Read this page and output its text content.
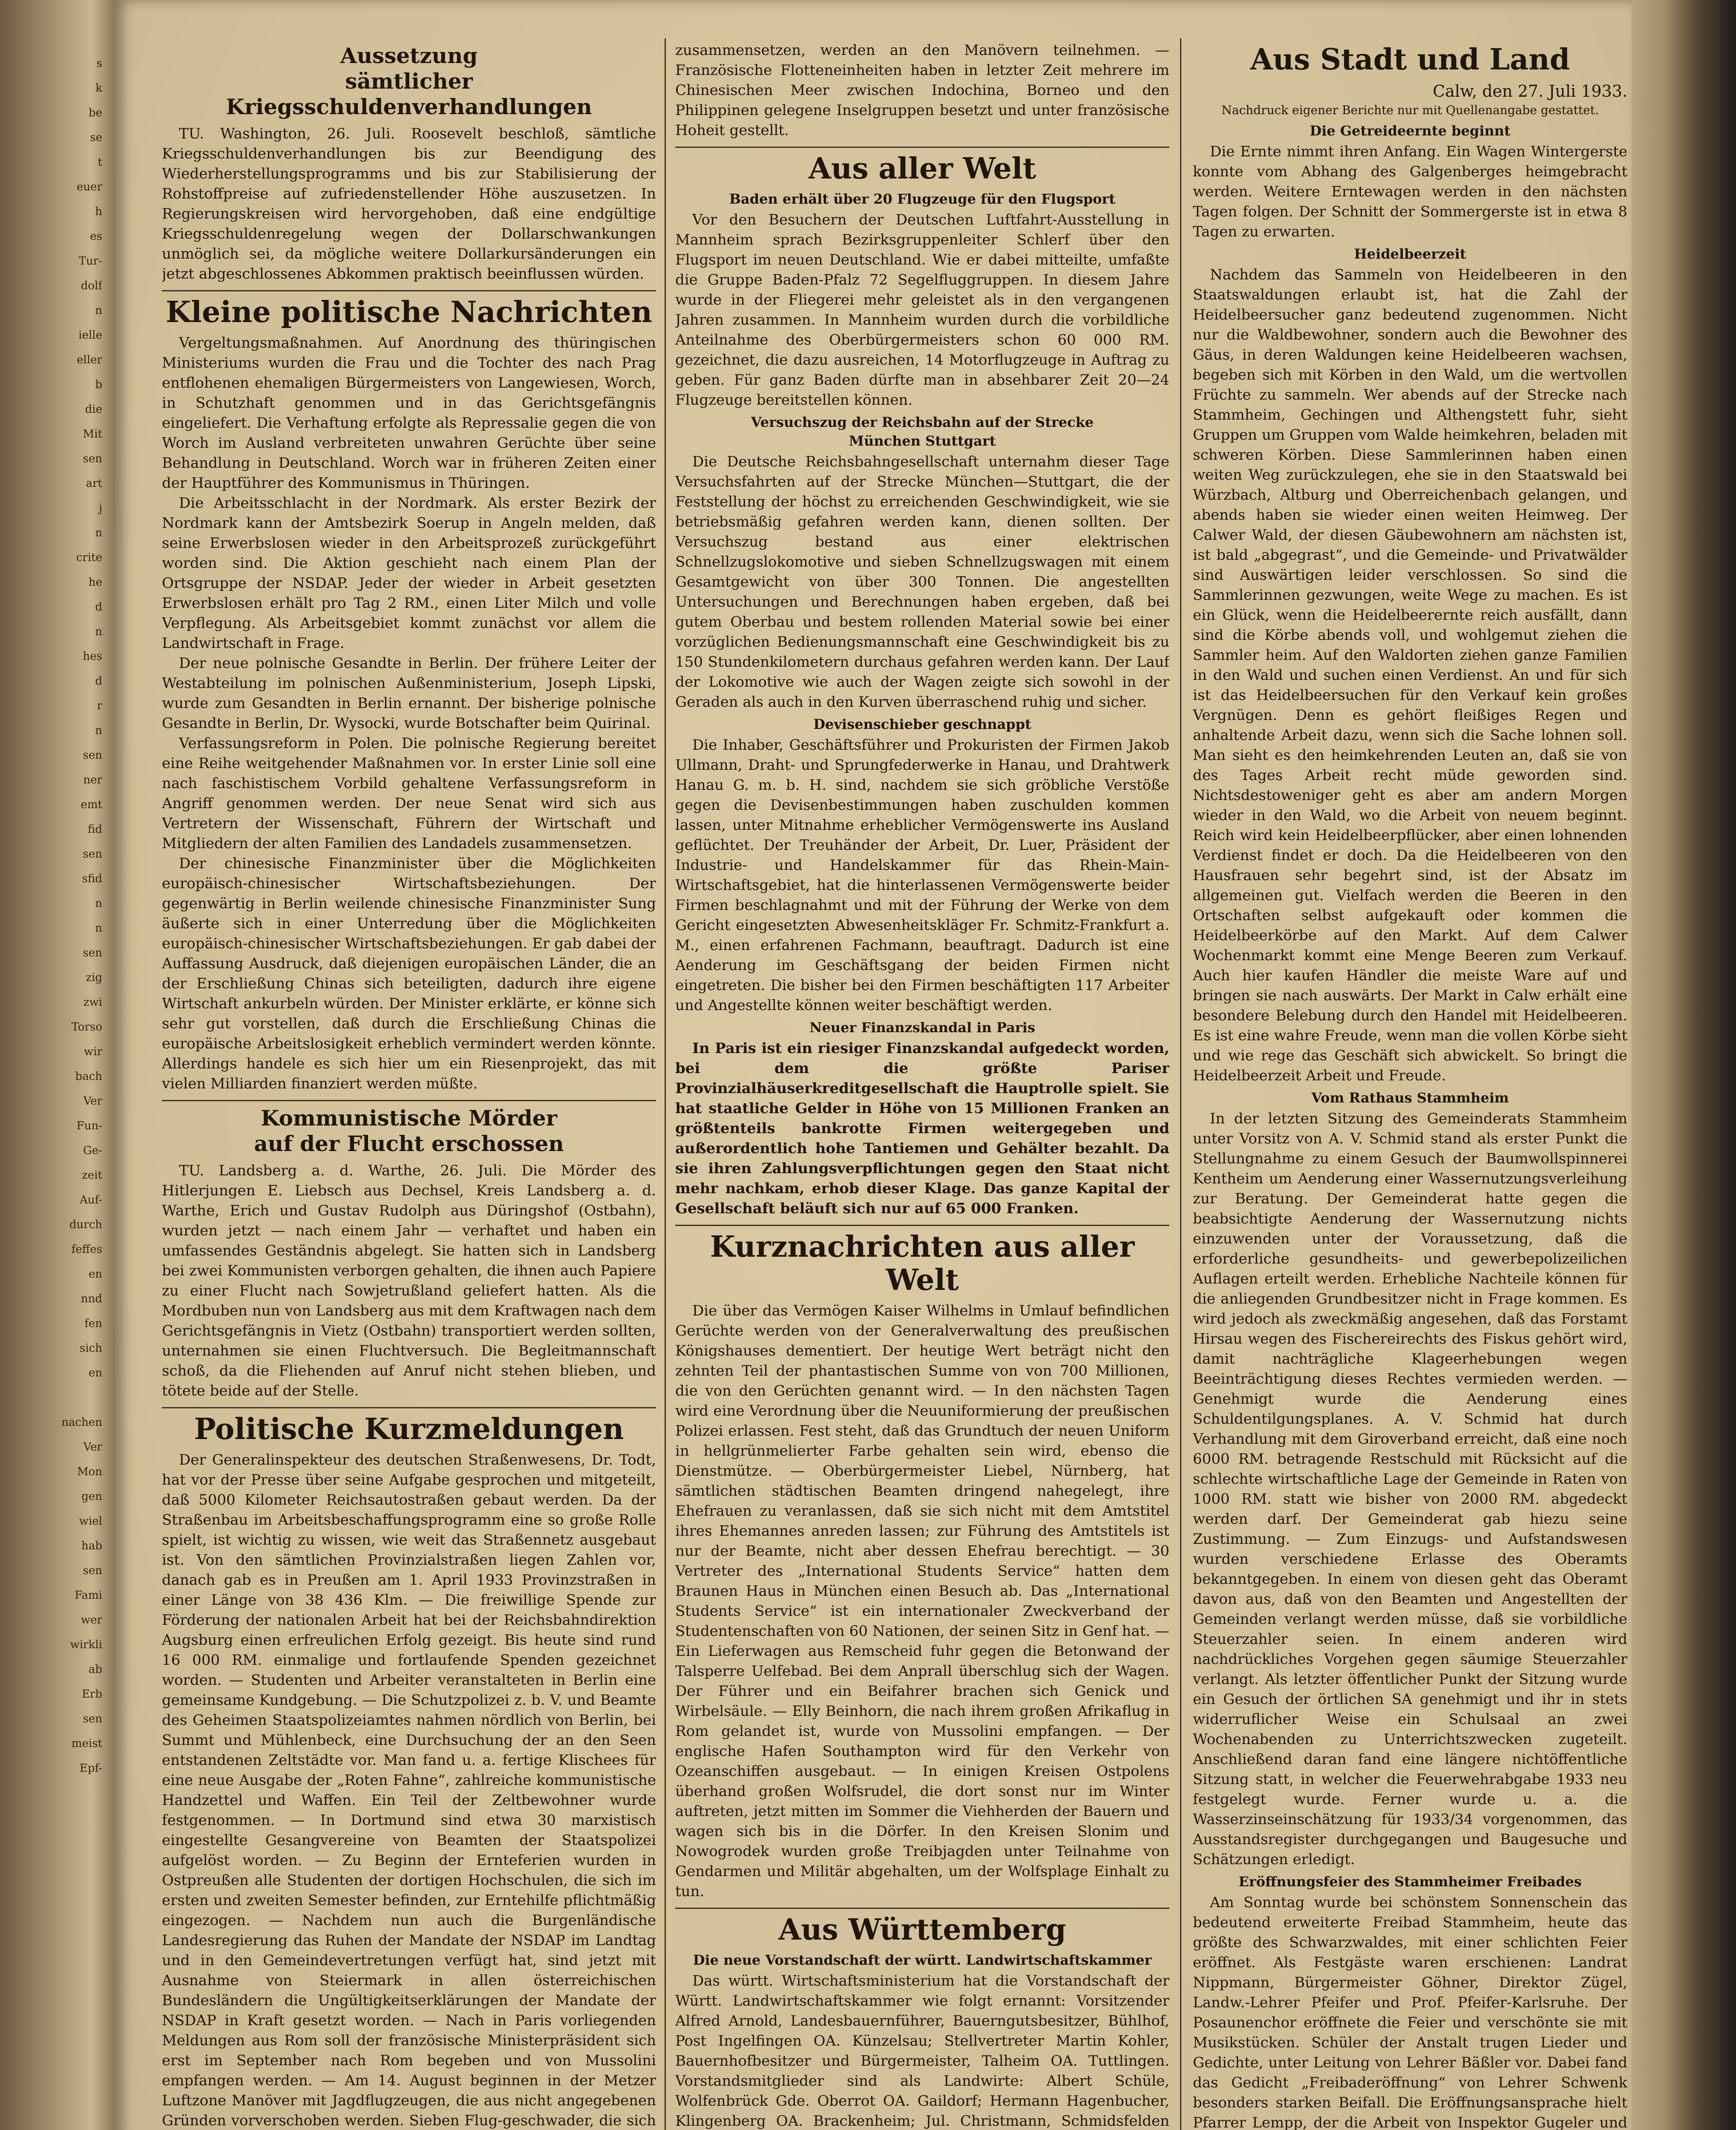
s
k
be
se
t
euer
h
es
Tur-
dolf
n
ielle
eller
b
die
Mit
sen
art
j
n
crite
he
d
n
hes
d
r
n
sen
ner
emt
fid
sen
sfid
n
n
sen
zig
zwi
Torso
wir
bach
Ver
Fun-
Ge-
zeit
Auf-
durch
feffes
en
nnd
fen
sich
en

nachen
Ver
Mon
gen
wiel
hab
sen
Fami
wer
wirkli
ab
Erb
sen
meist
Epf-
Aussetzung
sämtlicher Kriegsschuldenverhandlungen

TU. Washington, 26. Juli. Roosevelt beschloß, sämtliche Kriegsschuldenverhandlungen bis zur Beendigung des Wiederherstellungsprogramms und bis zur Stabilisierung der Rohstoffpreise auf zufriedenstellender Höhe auszusetzen. In Regierungskreisen wird hervorgehoben, daß eine endgültige Kriegsschuldenregelung wegen der Dollarschwankungen unmöglich sei, da mögliche weitere Dollarkursänderungen ein jetzt abgeschlossenes Abkommen praktisch beeinflussen würden.

Kleine politische Nachrichten

Vergeltungsmaßnahmen. Auf Anordnung des thüringischen Ministeriums wurden die Frau und die Tochter des nach Prag entflohenen ehemaligen Bürgermeisters von Langewiesen, Worch, in Schutzhaft genommen und in das Gerichtsgefängnis eingeliefert. Die Verhaftung erfolgte als Repressalie gegen die von Worch im Ausland verbreiteten unwahren Gerüchte über seine Behandlung in Deutschland. Worch war in früheren Zeiten einer der Hauptführer des Kommunismus in Thüringen.

Die Arbeitsschlacht in der Nordmark. Als erster Bezirk der Nordmark kann der Amtsbezirk Soerup in Angeln melden, daß seine Erwerbslosen wieder in den Arbeitsprozeß zurückgeführt worden sind. Die Aktion geschieht nach einem Plan der Ortsgruppe der NSDAP. Jeder der wieder in Arbeit gesetzten Erwerbslosen erhält pro Tag 2 RM., einen Liter Milch und volle Verpflegung. Als Arbeitsgebiet kommt zunächst vor allem die Landwirtschaft in Frage.

Der neue polnische Gesandte in Berlin. Der frühere Leiter der Westabteilung im polnischen Außenministerium, Joseph Lipski, wurde zum Gesandten in Berlin ernannt. Der bisherige polnische Gesandte in Berlin, Dr. Wysocki, wurde Botschafter beim Quirinal.

Verfassungsreform in Polen. Die polnische Regierung bereitet eine Reihe weitgehender Maßnahmen vor. In erster Linie soll eine nach faschistischem Vorbild gehaltene Verfassungsreform in Angriff genommen werden. Der neue Senat wird sich aus Vertretern der Wissenschaft, Führern der Wirtschaft und Mitgliedern der alten Familien des Landadels zusammensetzen.

Der chinesische Finanzminister über die Möglichkeiten europäisch-chinesischer Wirtschaftsbeziehungen. Der gegenwärtig in Berlin weilende chinesische Finanzminister Sung äußerte sich in einer Unterredung über die Möglichkeiten europäisch-chinesischer Wirtschaftsbeziehungen. Er gab dabei der Auffassung Ausdruck, daß diejenigen europäischen Länder, die an der Erschließung Chinas sich beteiligten, dadurch ihre eigene Wirtschaft ankurbeln würden. Der Minister erklärte, er könne sich sehr gut vorstellen, daß durch die Erschließung Chinas die europäische Arbeitslosigkeit erheblich vermindert werden könnte. Allerdings handele es sich hier um ein Riesenprojekt, das mit vielen Milliarden finanziert werden müßte.

Kommunistische Mörder
auf der Flucht erschossen

TU. Landsberg a. d. Warthe, 26. Juli. Die Mörder des Hitlerjungen E. Liebsch aus Dechsel, Kreis Landsberg a. d. Warthe, Erich und Gustav Rudolph aus Düringshof (Ostbahn), wurden jetzt — nach einem Jahr — verhaftet und haben ein umfassendes Geständnis abgelegt. Sie hatten sich in Landsberg bei zwei Kommunisten verborgen gehalten, die ihnen auch Papiere zu einer Flucht nach Sowjetrußland geliefert hatten. Als die Mordbuben nun von Landsberg aus mit dem Kraftwagen nach dem Gerichtsgefängnis in Vietz (Ostbahn) transportiert werden sollten, unternahmen sie einen Fluchtversuch. Die Begleitmannschaft schoß, da die Fliehenden auf Anruf nicht stehen blieben, und tötete beide auf der Stelle.

Politische Kurzmeldungen

Der Generalinspekteur des deutschen Straßenwesens, Dr. Todt, hat vor der Presse über seine Aufgabe gesprochen und mitgeteilt, daß 5000 Kilometer Reichsautostraßen gebaut werden. Da der Straßenbau im Arbeitsbeschaffungsprogramm eine so große Rolle spielt, ist wichtig zu wissen, wie weit das Straßennetz ausgebaut ist. Von den sämtlichen Provinzialstraßen liegen Zahlen vor, danach gab es in Preußen am 1. April 1933 Provinzstraßen in einer Länge von 38 436 Klm. — Die freiwillige Spende zur Förderung der nationalen Arbeit hat bei der Reichsbahndirektion Augsburg einen erfreulichen Erfolg gezeigt. Bis heute sind rund 16 000 RM. einmalige und fortlaufende Spenden gezeichnet worden. — Studenten und Arbeiter veranstalteten in Berlin eine gemeinsame Kundgebung. — Die Schutzpolizei z. b. V. und Beamte des Geheimen Staatspolizeiamtes nahmen nördlich von Berlin, bei Summt und Mühlenbeck, eine Durchsuchung der an den Seen entstandenen Zeltstädte vor. Man fand u. a. fertige Klischees für eine neue Ausgabe der „Roten Fahne“, zahlreiche kommunistische Handzettel und Waffen. Ein Teil der Zeltbewohner wurde festgenommen. — In Dortmund sind etwa 30 marxistisch eingestellte Gesangvereine von Beamten der Staatspolizei aufgelöst worden. — Zu Beginn der Ernteferien wurden in Ostpreußen alle Studenten der dortigen Hochschulen, die sich im ersten und zweiten Semester befinden, zur Erntehilfe pflichtmäßig eingezogen. — Nachdem nun auch die Burgenländische Landesregierung das Ruhen der Mandate der NSDAP im Landtag und in den Gemeindevertretungen verfügt hat, sind jetzt mit Ausnahme von Steiermark in allen österreichischen Bundesländern die Ungültigkeitserklärungen der Mandate der NSDAP in Kraft gesetzt worden. — Nach in Paris vorliegenden Meldungen aus Rom soll der französische Ministerpräsident sich erst im September nach Rom begeben und von Mussolini empfangen werden. — Am 14. August beginnen in der Metzer Luftzone Manöver mit Jagdflugzeugen, die aus nicht angegebenen Gründen vorverschoben werden. Sieben Flug-geschwader, die sich

zusammensetzen, werden an den Manövern teilnehmen. — Französische Flotteneinheiten haben in letzter Zeit mehrere im Chinesischen Meer zwischen Indochina, Borneo und den Philippinen gelegene Inselgruppen besetzt und unter französische Hoheit gestellt.

Aus aller Welt
Baden erhält über 20 Flugzeuge für den Flugsport

Vor den Besuchern der Deutschen Luftfahrt-Ausstellung in Mannheim sprach Bezirksgruppenleiter Schlerf über den Flugsport im neuen Deutschland. Wie er dabei mitteilte, umfaßte die Gruppe Baden-Pfalz 72 Segelfluggruppen. In diesem Jahre wurde in der Fliegerei mehr geleistet als in den vergangenen Jahren zusammen. In Mannheim wurden durch die vorbildliche Anteilnahme des Oberbürgermeisters schon 60 000 RM. gezeichnet, die dazu ausreichen, 14 Motorflugzeuge in Auftrag zu geben. Für ganz Baden dürfte man in absehbarer Zeit 20—24 Flugzeuge bereitstellen können.

Versuchszug der Reichsbahn auf der Strecke
München Stuttgart

Die Deutsche Reichsbahngesellschaft unternahm dieser Tage Versuchsfahrten auf der Strecke München—Stuttgart, die der Feststellung der höchst zu erreichenden Geschwindigkeit, wie sie betriebsmäßig gefahren werden kann, dienen sollten. Der Versuchszug bestand aus einer elektrischen Schnellzugslokomotive und sieben Schnellzugswagen mit einem Gesamtgewicht von über 300 Tonnen. Die angestellten Untersuchungen und Berechnungen haben ergeben, daß bei gutem Oberbau und bestem rollenden Material sowie bei einer vorzüglichen Bedienungsmannschaft eine Geschwindigkeit bis zu 150 Stundenkilometern durchaus gefahren werden kann. Der Lauf der Lokomotive wie auch der Wagen zeigte sich sowohl in der Geraden als auch in den Kurven überraschend ruhig und sicher.

Devisenschieber geschnappt

Die Inhaber, Geschäftsführer und Prokuristen der Firmen Jakob Ullmann, Draht- und Sprungfederwerke in Hanau, und Drahtwerk Hanau G. m. b. H. sind, nachdem sie sich gröbliche Verstöße gegen die Devisenbestimmungen haben zuschulden kommen lassen, unter Mitnahme erheblicher Vermögenswerte ins Ausland geflüchtet. Der Treuhänder der Arbeit, Dr. Luer, Präsident der Industrie- und Handelskammer für das Rhein-Main-Wirtschaftsgebiet, hat die hinterlassenen Vermögenswerte beider Firmen beschlagnahmt und mit der Führung der Werke von dem Gericht eingesetzten Abwesenheitskläger Fr. Schmitz-Frankfurt a. M., einen erfahrenen Fachmann, beauftragt. Dadurch ist eine Aenderung im Geschäftsgang der beiden Firmen nicht eingetreten. Die bisher bei den Firmen beschäftigten 117 Arbeiter und Angestellte können weiter beschäftigt werden.

Neuer Finanzskandal in Paris

In Paris ist ein riesiger Finanzskandal aufgedeckt worden, bei dem die größte Pariser Provinzialhäuserkreditgesellschaft die Hauptrolle spielt. Sie hat staatliche Gelder in Höhe von 15 Millionen Franken an größtenteils bankrotte Firmen weitergegeben und außerordentlich hohe Tantiemen und Gehälter bezahlt. Da sie ihren Zahlungsverpflichtungen gegen den Staat nicht mehr nachkam, erhob dieser Klage. Das ganze Kapital der Gesellschaft beläuft sich nur auf 65 000 Franken.

Kurznachrichten aus aller Welt

Die über das Vermögen Kaiser Wilhelms in Umlauf befindlichen Gerüchte werden von der Generalverwaltung des preußischen Königshauses dementiert. Der heutige Wert beträgt nicht den zehnten Teil der phantastischen Summe von von 700 Millionen, die von den Gerüchten genannt wird. — In den nächsten Tagen wird eine Verordnung über die Neuuniformierung der preußischen Polizei erlassen. Fest steht, daß das Grundtuch der neuen Uniform in hellgrünmelierter Farbe gehalten sein wird, ebenso die Dienstmütze. — Oberbürgermeister Liebel, Nürnberg, hat sämtlichen städtischen Beamten dringend nahegelegt, ihre Ehefrauen zu veranlassen, daß sie sich nicht mit dem Amtstitel ihres Ehemannes anreden lassen; zur Führung des Amtstitels ist nur der Beamte, nicht aber dessen Ehefrau berechtigt. — 30 Vertreter des „International Students Service“ hatten dem Braunen Haus in München einen Besuch ab. Das „International Students Service“ ist ein internationaler Zweckverband der Studentenschaften von 60 Nationen, der seinen Sitz in Genf hat. — Ein Lieferwagen aus Remscheid fuhr gegen die Betonwand der Talsperre Uelfebad. Bei dem Anprall überschlug sich der Wagen. Der Führer und ein Beifahrer brachen sich Genick und Wirbelsäule. — Elly Beinhorn, die nach ihrem großen Afrikaflug in Rom gelandet ist, wurde von Mussolini empfangen. — Der englische Hafen Southampton wird für den Verkehr von Ozeanschiffen ausgebaut. — In einigen Kreisen Ostpolens überhand großen Wolfsrudel, die dort sonst nur im Winter auftreten, jetzt mitten im Sommer die Viehherden der Bauern und wagen sich bis in die Dörfer. In den Kreisen Slonim und Nowogrodek wurden große Treibjagden unter Teilnahme von Gendarmen und Militär abgehalten, um der Wolfsplage Einhalt zu tun.

Aus Württemberg
Die neue Vorstandschaft der württ. Landwirtschaftskammer

Das württ. Wirtschaftsministerium hat die Vorstandschaft der Württ. Landwirtschaftskammer wie folgt ernannt: Vorsitzender Alfred Arnold, Landesbauernführer, Bauerngutsbesitzer, Bühlhof, Post Ingelfingen OA. Künzelsau; Stellvertreter Martin Kohler, Bauernhofbesitzer und Bürgermeister, Talheim OA. Tuttlingen. Vorstandsmitglieder sind als Landwirte: Albert Schüle, Wolfenbrück Gde. Oberrot OA. Gaildorf; Hermann Hagenbucher, Klingenberg OA. Brackenheim; Jul. Christmann, Schmidsfelden

Aus Stadt und Land
Calw, den 27. Juli 1933.
Nachdruck eigener Berichte nur mit Quellenangabe gestattet.
Die Getreideernte beginnt

Die Ernte nimmt ihren Anfang. Ein Wagen Wintergerste konnte vom Abhang des Galgenberges heimgebracht werden. Weitere Erntewagen werden in den nächsten Tagen folgen. Der Schnitt der Sommergerste ist in etwa 8 Tagen zu erwarten.

Heidelbeerzeit

Nachdem das Sammeln von Heidelbeeren in den Staatswaldungen erlaubt ist, hat die Zahl der Heidelbeersucher ganz bedeutend zugenommen. Nicht nur die Waldbewohner, sondern auch die Bewohner des Gäus, in deren Waldungen keine Heidelbeeren wachsen, begeben sich mit Körben in den Wald, um die wertvollen Früchte zu sammeln. Wer abends auf der Strecke nach Stammheim, Gechingen und Althengstett fuhr, sieht Gruppen um Gruppen vom Walde heimkehren, beladen mit schweren Körben. Diese Sammlerinnen haben einen weiten Weg zurückzulegen, ehe sie in den Staatswald bei Würzbach, Altburg und Oberreichenbach gelangen, und abends haben sie wieder einen weiten Heimweg. Der Calwer Wald, der diesen Gäubewohnern am nächsten ist, ist bald „abgegrast“, und die Gemeinde- und Privatwälder sind Auswärtigen leider verschlossen. So sind die Sammlerinnen gezwungen, weite Wege zu machen. Es ist ein Glück, wenn die Heidelbeerernte reich ausfällt, dann sind die Körbe abends voll, und wohlgemut ziehen die Sammler heim. Auf den Waldorten ziehen ganze Familien in den Wald und suchen einen Verdienst. An und für sich ist das Heidelbeersuchen für den Verkauf kein großes Vergnügen. Denn es gehört fleißiges Regen und anhaltende Arbeit dazu, wenn sich die Sache lohnen soll. Man sieht es den heimkehrenden Leuten an, daß sie von des Tages Arbeit recht müde geworden sind. Nichtsdestoweniger geht es aber am andern Morgen wieder in den Wald, wo die Arbeit von neuem beginnt. Reich wird kein Heidelbeerpflücker, aber einen lohnenden Verdienst findet er doch. Da die Heidelbeeren von den Hausfrauen sehr begehrt sind, ist der Absatz im allgemeinen gut. Vielfach werden die Beeren in den Ortschaften selbst aufgekauft oder kommen die Heidelbeerkörbe auf den Markt. Auf dem Calwer Wochenmarkt kommt eine Menge Beeren zum Verkauf. Auch hier kaufen Händler die meiste Ware auf und bringen sie nach auswärts. Der Markt in Calw erhält eine besondere Belebung durch den Handel mit Heidelbeeren. Es ist eine wahre Freude, wenn man die vollen Körbe sieht und wie rege das Geschäft sich abwickelt. So bringt die Heidelbeerzeit Arbeit und Freude.

Vom Rathaus Stammheim

In der letzten Sitzung des Gemeinderats Stammheim unter Vorsitz von A. V. Schmid stand als erster Punkt die Stellungnahme zu einem Gesuch der Baumwollspinnerei Kentheim um Aenderung einer Wassernutzungsverleihung zur Beratung. Der Gemeinderat hatte gegen die beabsichtigte Aenderung der Wassernutzung nichts einzuwenden unter der Voraussetzung, daß die erforderliche gesundheits- und gewerbepolizeilichen Auflagen erteilt werden. Erhebliche Nachteile können für die anliegenden Grundbesitzer nicht in Frage kommen. Es wird jedoch als zweckmäßig angesehen, daß das Forstamt Hirsau wegen des Fischereirechts des Fiskus gehört wird, damit nachträgliche Klageerhebungen wegen Beeinträchtigung dieses Rechtes vermieden werden. — Genehmigt wurde die Aenderung eines Schuldentilgungsplanes. A. V. Schmid hat durch Verhandlung mit dem Giroverband erreicht, daß eine noch 6000 RM. betragende Restschuld mit Rücksicht auf die schlechte wirtschaftliche Lage der Gemeinde in Raten von 1000 RM. statt wie bisher von 2000 RM. abgedeckt werden darf. Der Gemeinderat gab hiezu seine Zustimmung. — Zum Einzugs- und Aufstandswesen wurden verschiedene Erlasse des Oberamts bekanntgegeben. In einem von diesen geht das Oberamt davon aus, daß von den Beamten und Angestellten der Gemeinden verlangt werden müsse, daß sie vorbildliche Steuerzahler seien. In einem anderen wird nachdrückliches Vorgehen gegen säumige Steuerzahler verlangt. Als letzter öffentlicher Punkt der Sitzung wurde ein Gesuch der örtlichen SA genehmigt und ihr in stets widerruflicher Weise ein Schulsaal an zwei Wochenabenden zu Unterrichtszwecken zugeteilt. Anschließend daran fand eine längere nichtöffentliche Sitzung statt, in welcher die Feuerwehrabgabe 1933 neu festgelegt wurde. Ferner wurde u. a. die Wasserzinseinschätzung für 1933/34 vorgenommen, das Ausstandsregister durchgegangen und Baugesuche und Schätzungen erledigt.

Eröffnungsfeier des Stammheimer Freibades

Am Sonntag wurde bei schönstem Sonnenschein das bedeutend erweiterte Freibad Stammheim, heute das größte des Schwarzwaldes, mit einer schlichten Feier eröffnet. Als Festgäste waren erschienen: Landrat Nippmann, Bürgermeister Göhner, Direktor Zügel, Landw.-Lehrer Pfeifer und Prof. Pfeifer-Karlsruhe. Der Posaunenchor eröffnete die Feier und verschönte sie mit Musikstücken. Schüler der Anstalt trugen Lieder und Gedichte, unter Leitung von Lehrer Bäßler vor. Dabei fand das Gedicht „Freibaderöffnung“ von Lehrer Schwenk besonders starken Beifall. Die Eröffnungsansprache hielt Pfarrer Lempp, der die Arbeit von Inspektor Gugeler und
